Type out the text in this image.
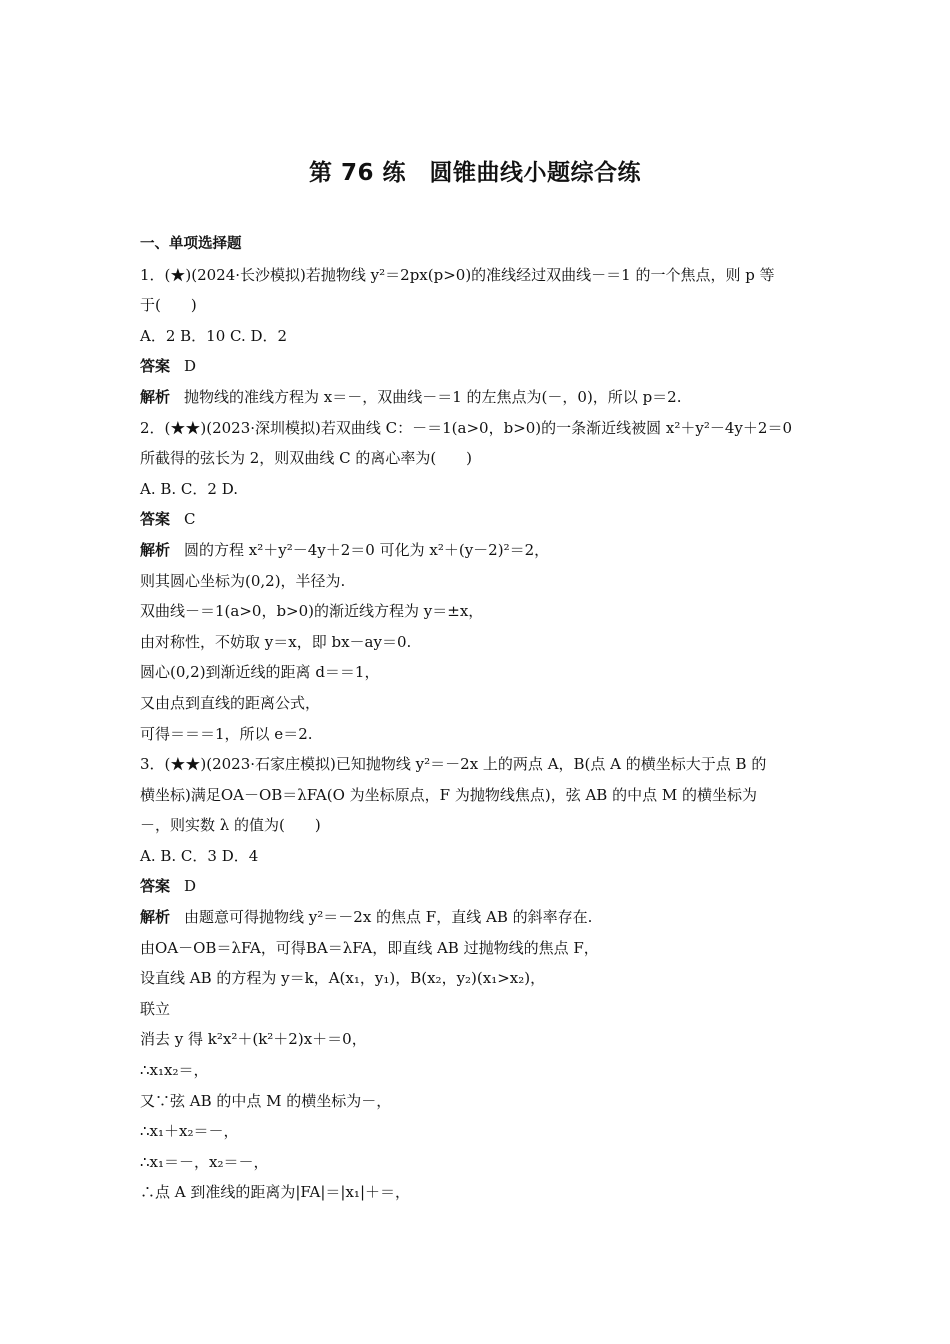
第 76 练　圆锥曲线小题综合练
一、单项选择题
1．(★)(2024·长沙模拟)若抛物线 y²＝2px(p>0)的准线经过双曲线－＝1 的一个焦点，则 p 等
于(　　)
A．2 B．10 C. D．2
答案 D
解析 抛物线的准线方程为 x＝－，双曲线－＝1 的左焦点为(－，0)，所以 p＝2.
2．(★★)(2023·深圳模拟)若双曲线 C：－＝1(a>0，b>0)的一条渐近线被圆 x²＋y²－4y＋2＝0
所截得的弦长为 2，则双曲线 C 的离心率为(　　)
A. B. C．2 D.
答案 C
解析 圆的方程 x²＋y²－4y＋2＝0 可化为 x²＋(y－2)²＝2，
则其圆心坐标为(0,2)，半径为.
双曲线－＝1(a>0，b>0)的渐近线方程为 y＝±x，
由对称性，不妨取 y＝x，即 bx－ay＝0.
圆心(0,2)到渐近线的距离 d＝＝1，
又由点到直线的距离公式，
可得＝＝＝1，所以 e＝2.
3．(★★)(2023·石家庄模拟)已知抛物线 y²＝－2x 上的两点 A，B(点 A 的横坐标大于点 B 的
横坐标)满足OA－OB＝λFA(O 为坐标原点，F 为抛物线焦点)，弦 AB 的中点 M 的横坐标为
－，则实数 λ 的值为(　　)
A. B. C．3 D．4
答案 D
解析 由题意可得抛物线 y²＝－2x 的焦点 F，直线 AB 的斜率存在.
由OA－OB＝λFA，可得BA＝λFA，即直线 AB 过抛物线的焦点 F，
设直线 AB 的方程为 y＝k，A(x₁，y₁)，B(x₂，y₂)(x₁>x₂)，
联立
消去 y 得 k²x²＋(k²＋2)x＋＝0，
∴x₁x₂＝，
又∵弦 AB 的中点 M 的横坐标为－，
∴x₁＋x₂＝－，
∴x₁＝－，x₂＝－，
∴点 A 到准线的距离为|FA|＝|x₁|＋＝，
